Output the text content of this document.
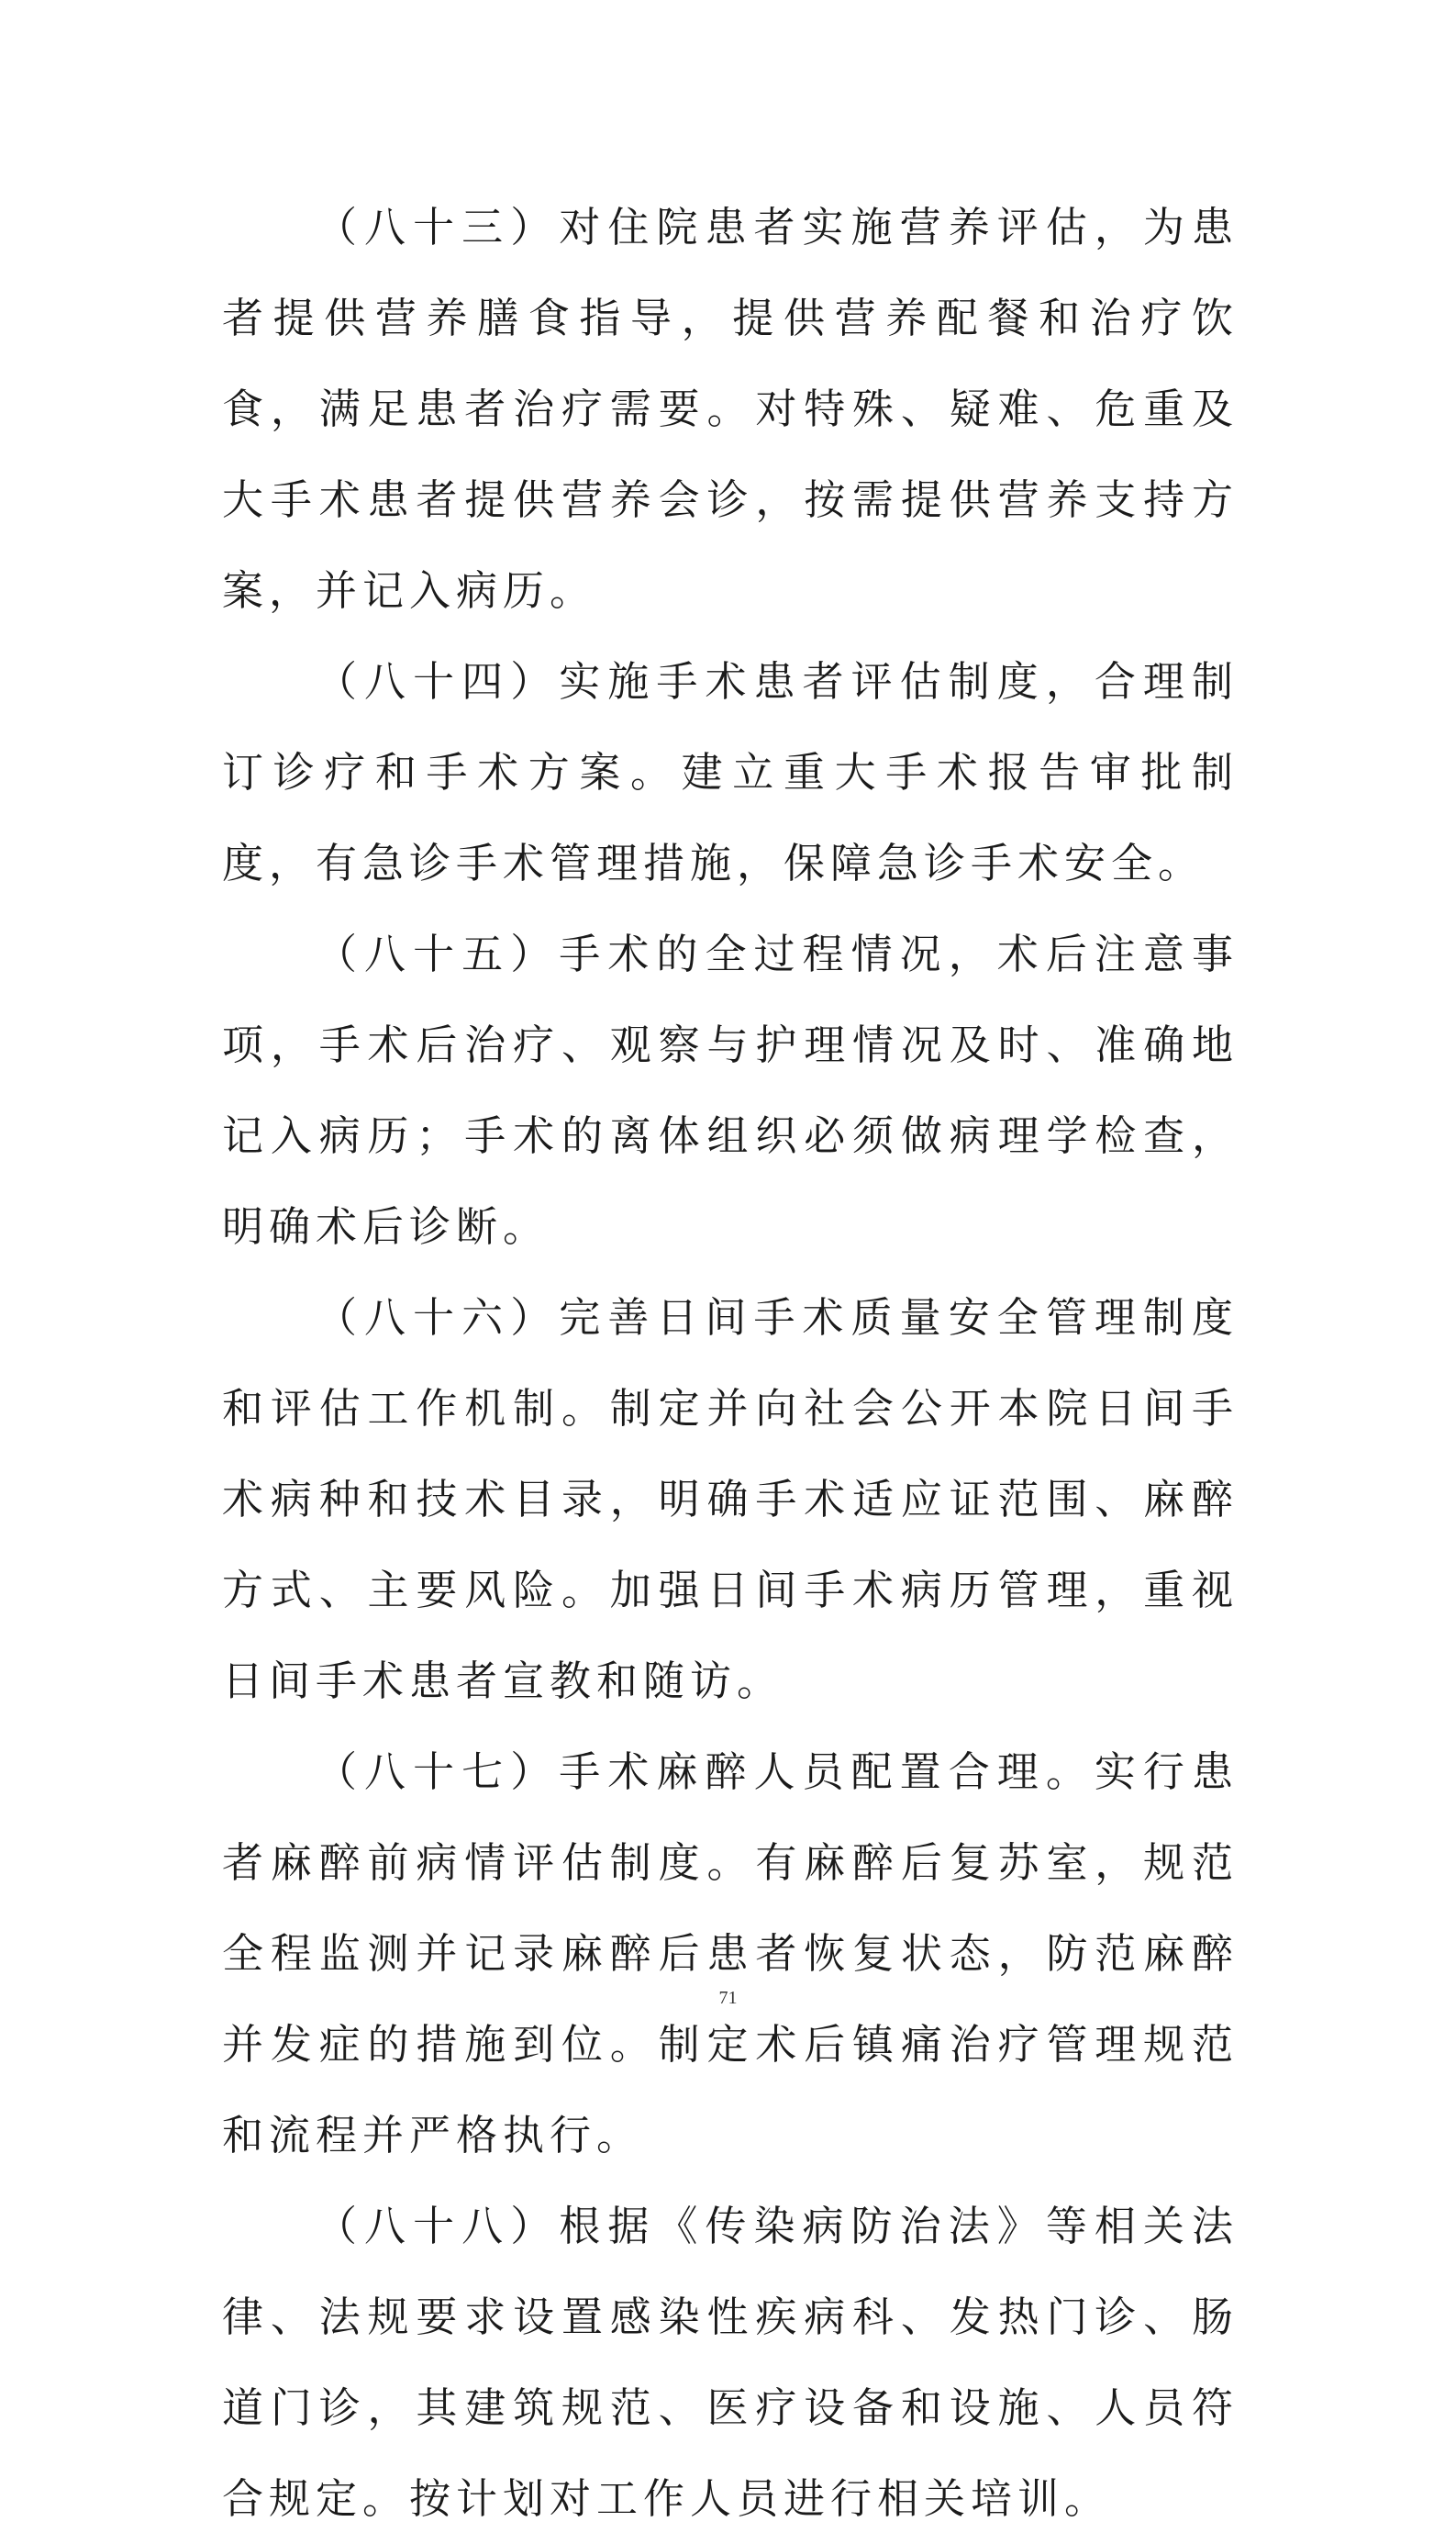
（八十三）对住院患者实施营养评估，为患者提供营养膳食指导，提供营养配餐和治疗饮食，满足患者治疗需要。对特殊、疑难、危重及大手术患者提供营养会诊，按需提供营养支持方案，并记入病历。

（八十四）实施手术患者评估制度，合理制订诊疗和手术方案。建立重大手术报告审批制度，有急诊手术管理措施，保障急诊手术安全。

（八十五）手术的全过程情况，术后注意事项，手术后治疗、观察与护理情况及时、准确地记入病历；手术的离体组织必须做病理学检查，明确术后诊断。

（八十六）完善日间手术质量安全管理制度和评估工作机制。制定并向社会公开本院日间手术病种和技术目录，明确手术适应证范围、麻醉方式、主要风险。加强日间手术病历管理，重视日间手术患者宣教和随访。

（八十七）手术麻醉人员配置合理。实行患者麻醉前病情评估制度。有麻醉后复苏室，规范全程监测并记录麻醉后患者恢复状态，防范麻醉并发症的措施到位。制定术后镇痛治疗管理规范和流程并严格执行。

（八十八）根据《传染病防治法》等相关法律、法规要求设置感染性疾病科、发热门诊、肠道门诊，其建筑规范、医疗设备和设施、人员符合规定。按计划对工作人员进行相关培训。

71
